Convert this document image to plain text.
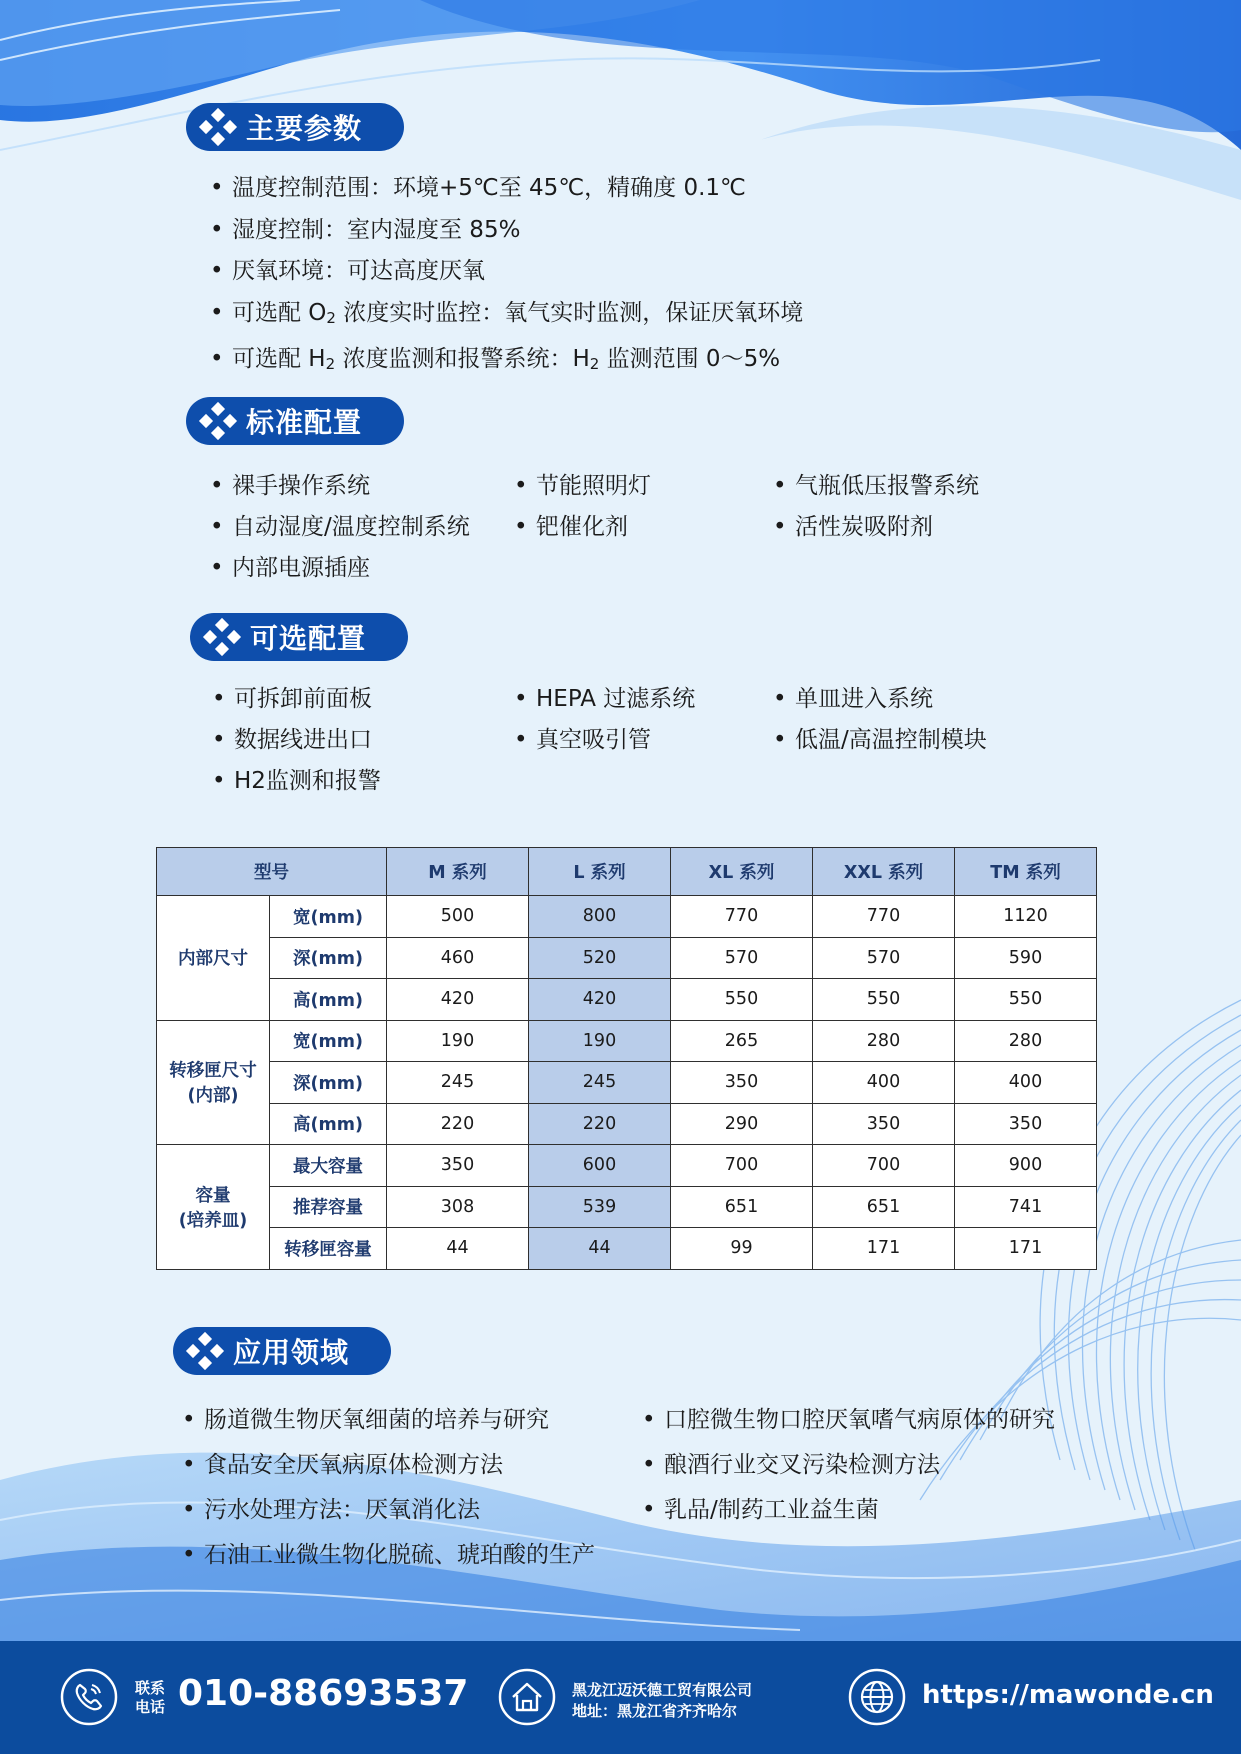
主要参数
• 温度控制范围：环境+5℃至 45℃，精确度 0.1℃
• 湿度控制：室内湿度至 85%
• 厌氧环境：可达高度厌氧
• 可选配 $O_2$ 浓度实时监控：氧气实时监测，保证厌氧环境
• 可选配 $H_2$ 浓度监测和报警系统：$H_2$ 监测范围 0～5%
标准配置
• 裸手操作系统	• 节能照明灯	• 气瓶低压报警系统
• 自动湿度/温度控制系统	• 钯催化剂	• 活性炭吸附剂
• 内部电源插座
可选配置
• 可拆卸前面板	• HEPA 过滤系统	• 单皿进入系统
• 数据线进出口	• 真空吸引管	• 低温/高温控制模块
• H2监测和报警
型号		M 系列	L 系列	XL 系列	XXL 系列	TM 系列
内部尺寸	宽(mm)	500	800	770	770	1120
	深(mm)	460	520	570	570	590
	高(mm)	420	420	550	550	550
转移匣尺寸
(内部)	宽(mm)	190	190	265	280	280
	深(mm)	245	245	350	400	400
	高(mm)	220	220	290	350	350
容量
(培养皿)	最大容量	350	600	700	700	900
	推荐容量	308	539	651	651	741
	转移匣容量	44	44	99	171	171
应用领域
• 肠道微生物厌氧细菌的培养与研究	• 口腔微生物口腔厌氧嗜气病原体的研究
• 食品安全厌氧病原体检测方法	• 酿酒行业交叉污染检测方法
• 污水处理方法：厌氧消化法	• 乳品/制药工业益生菌
• 石油工业微生物化脱硫、琥珀酸的生产
联系
电话 010-88693537	黑龙江迈沃德工贸有限公司
地址：黑龙江省齐齐哈尔
https://mawonde.cn
